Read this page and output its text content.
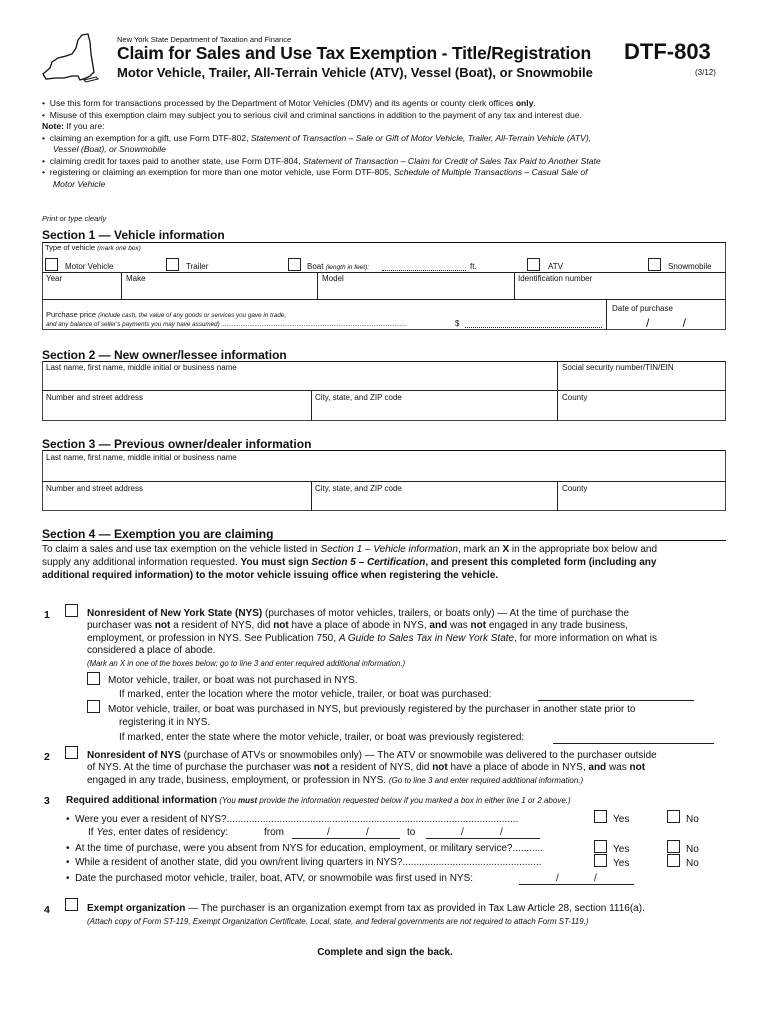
New York State Department of Taxation and Finance
Claim for Sales and Use Tax Exemption - Title/Registration
Motor Vehicle, Trailer, All-Terrain Vehicle (ATV), Vessel (Boat), or Snowmobile
DTF-803
(3/12)
•  Use this form for transactions processed by the Department of Motor Vehicles (DMV) and its agents or county clerk offices only.
•  Misuse of this exemption claim may subject you to serious civil and criminal sanctions in addition to the payment of any tax and interest due.
Note: If you are:
•  claiming an exemption for a gift, use Form DTF-802, Statement of Transaction – Sale or Gift of Motor Vehicle, Trailer, All-Terrain Vehicle (ATV),
Vessel (Boat), or Snowmobile
•  claiming credit for taxes paid to another state, use Form DTF-804, Statement of Transaction – Claim for Credit of Sales Tax Paid to Another State
•  registering or claiming an exemption for more than one motor vehicle, use Form DTF-805, Schedule of Multiple Transactions – Casual Sale of
Motor Vehicle
Print or type clearly
Section 1 — Vehicle information
Type of vehicle (mark one box)
Motor Vehicle	Trailer	Boat (length in feet):	ft.	ATV	Snowmobile
Year	Make	Model	Identification number
Purchase price (include cash, the value of any goods or services you gave in trade,
and any balance of seller's payments you may have assumed) ..........................................................................................................	$
Date of purchase
/          /
Section 2 — New owner/lessee information
Last name, first name, middle initial or business name	Social security number/TIN/EIN
Number and street address	City, state, and ZIP code	County
Section 3 — Previous owner/dealer information
Last name, first name, middle initial or business name
Number and street address	City, state, and ZIP code	County
Section 4 — Exemption you are claiming
To claim a sales and use tax exemption on the vehicle listed in Section 1 – Vehicle information, mark an X in the appropriate box below and
supply any additional information requested. You must sign Section 5 – Certification, and present this completed form (including any
additional required information) to the motor vehicle issuing office when registering the vehicle.
1	Nonresident of New York State (NYS) (purchases of motor vehicles, trailers, or boats only) — At the time of purchase the
purchaser was not a resident of NYS, did not have a place of abode in NYS, and was not engaged in any trade business,
employment, or profession in NYS. See Publication 750, A Guide to Sales Tax in New York State, for more information on what is
considered a place of abode.
(Mark an X in one of the boxes below; go to line 3 and enter required additional information.)
Motor vehicle, trailer, or boat was not purchased in NYS.
If marked, enter the location where the motor vehicle, trailer, or boat was purchased:
Motor vehicle, trailer, or boat was purchased in NYS, but previously registered by the purchaser in another state prior to
registering it in NYS.
If marked, enter the state where the motor vehicle, trailer, or boat was previously registered:
2	Nonresident of NYS (purchase of ATVs or snowmobiles only) — The ATV or snowmobile was delivered to the purchaser outside
of NYS. At the time of purchase the purchaser was not a resident of NYS, did not have a place of abode in NYS, and was not
engaged in any trade, business, employment, or profession in NYS. (Go to line 3 and enter required additional information.)
3 Required additional information (You must provide the information requested below if you marked a box in either line 1 or 2 above.)
•  Were you ever a resident of NYS?.........................................................................................................	Yes	No
If Yes, enter dates of residency:	from	/	/	to	/	/
•  At the time of purchase, were you absent from NYS for education, employment, or military service?...........	Yes	No
•  While a resident of another state, did you own/rent living quarters in NYS?..................................................	Yes	No
•  Date the purchased motor vehicle, trailer, boat, ATV, or snowmobile was first used in NYS:	/	/
4	Exempt organization — The purchaser is an organization exempt from tax as provided in Tax Law Article 28, section 1116(a).
(Attach copy of Form ST-119, Exempt Organization Certificate. Local, state, and federal governments are not required to attach Form ST-119.)
Complete and sign the back.
